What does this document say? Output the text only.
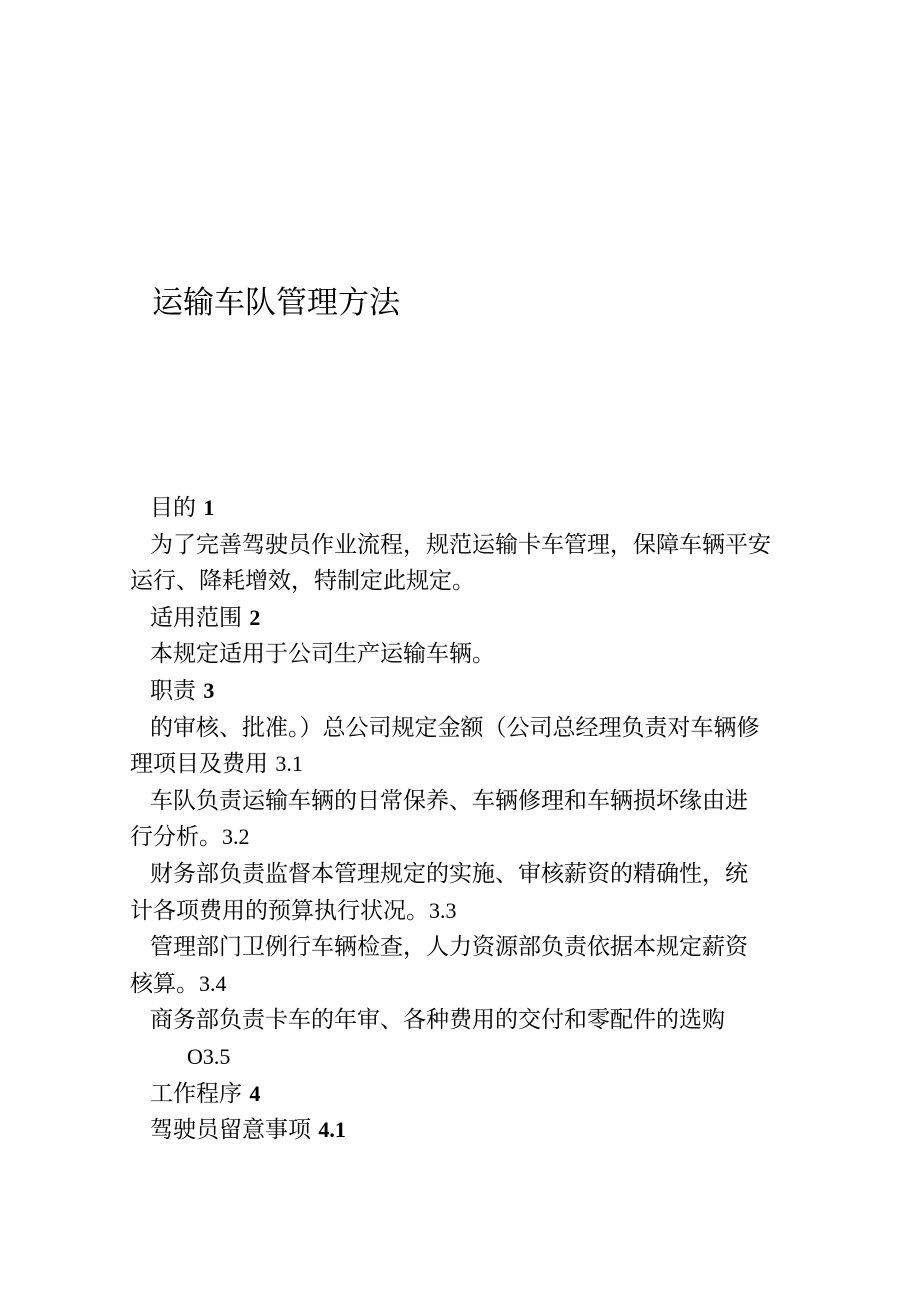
运输车队管理方法
目的 1
为了完善驾驶员作业流程，规范运输卡车管理，保障车辆平安
运行、降耗增效，特制定此规定。
适用范围 2
本规定适用于公司生产运输车辆。
职责 3
的审核、批准。）总公司规定金额（公司总经理负责对车辆修
理项目及费用 3.1
车队负责运输车辆的日常保养、车辆修理和车辆损坏缘由进
行分析。3.2
财务部负责监督本管理规定的实施、审核薪资的精确性，统
计各项费用的预算执行状况。3.3
管理部门卫例行车辆检查，人力资源部负责依据本规定薪资
核算。3.4
商务部负责卡车的年审、各种费用的交付和零配件的选购
O3.5
工作程序 4
驾驶员留意事项 4.1
